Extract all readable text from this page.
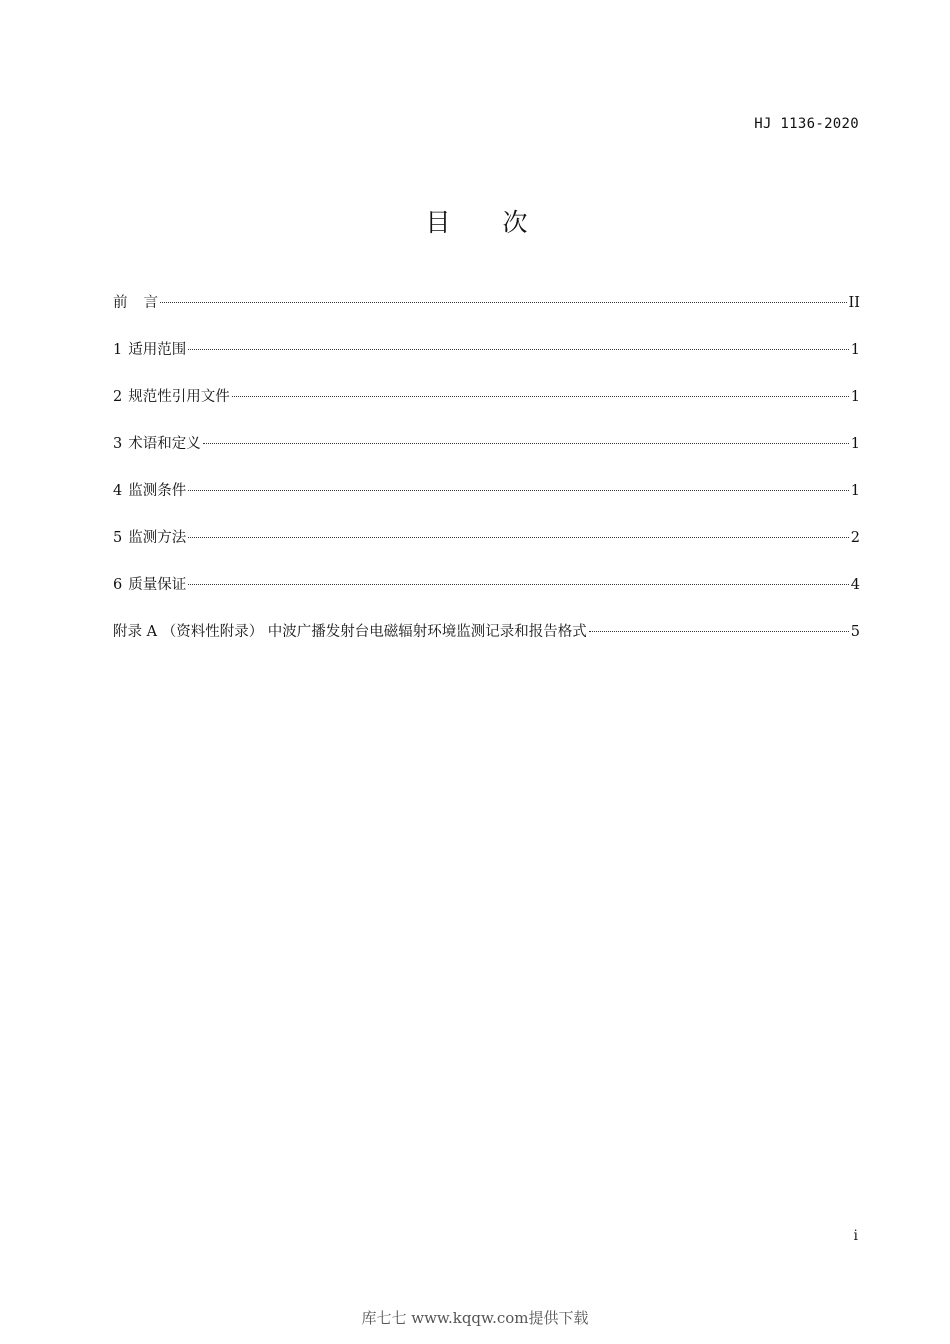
HJ 1136-2020
目 次
前 言	II
1 适用范围	1
2 规范性引用文件	1
3 术语和定义	1
4 监测条件	1
5 监测方法	2
6 质量保证	4
附录 A （资料性附录） 中波广播发射台电磁辐射环境监测记录和报告格式	5
i
库七七 www.kqqw.com提供下载
